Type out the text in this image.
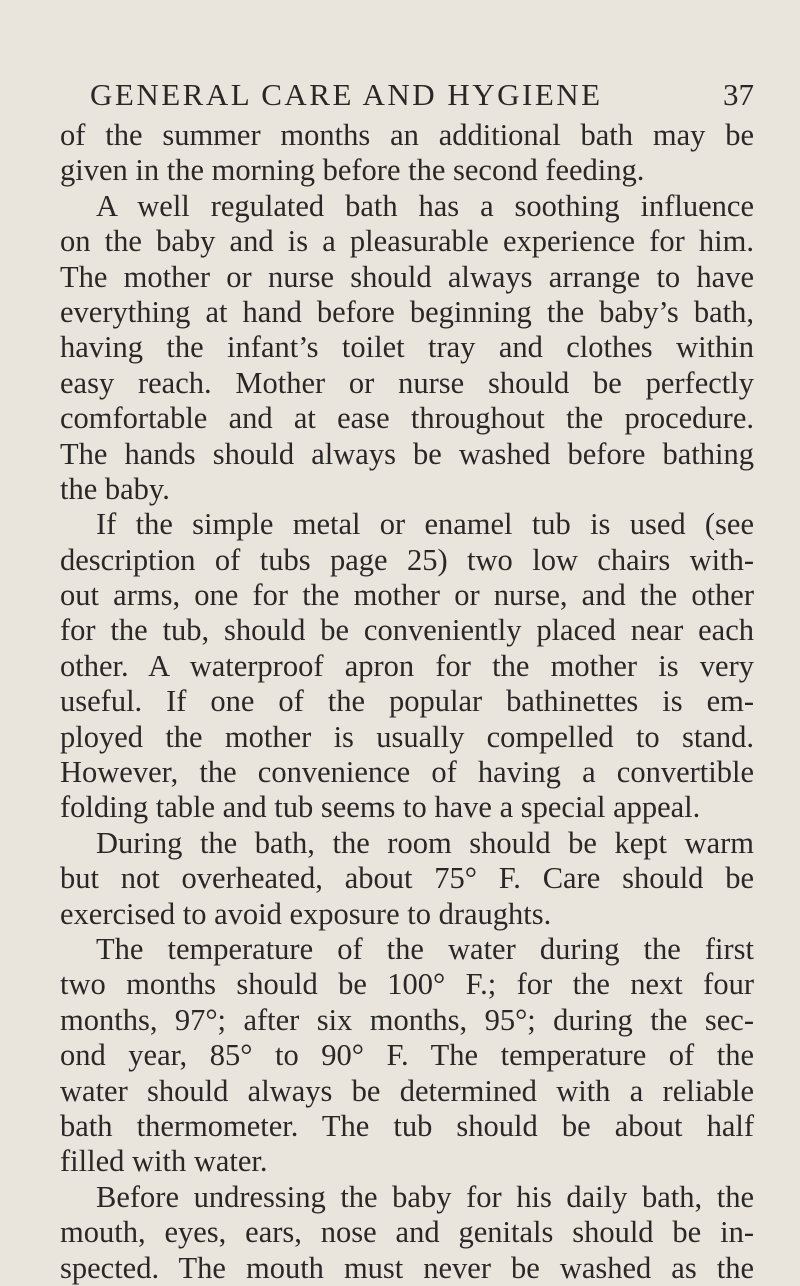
GENERAL CARE AND HYGIENE	37
of the summer months an additional bath may be
given in the morning before the second feeding.
A well regulated bath has a soothing influence
on the baby and is a pleasurable experience for him.
The mother or nurse should always arrange to have
everything at hand before beginning the baby’s bath,
having the infant’s toilet tray and clothes within
easy reach. Mother or nurse should be perfectly
comfortable and at ease throughout the procedure.
The hands should always be washed before bathing
the baby.
If the simple metal or enamel tub is used (see
description of tubs page 25) two low chairs with-
out arms, one for the mother or nurse, and the other
for the tub, should be conveniently placed near each
other. A waterproof apron for the mother is very
useful. If one of the popular bathinettes is em-
ployed the mother is usually compelled to stand.
However, the convenience of having a convertible
folding table and tub seems to have a special appeal.
During the bath, the room should be kept warm
but not overheated, about 75° F. Care should be
exercised to avoid exposure to draughts.
The temperature of the water during the first
two months should be 100° F.; for the next four
months, 97°; after six months, 95°; during the sec-
ond year, 85° to 90° F. The temperature of the
water should always be determined with a reliable
bath thermometer. The tub should be about half
filled with water.
Before undressing the baby for his daily bath, the
mouth, eyes, ears, nose and genitals should be in-
spected. The mouth must never be washed as the
